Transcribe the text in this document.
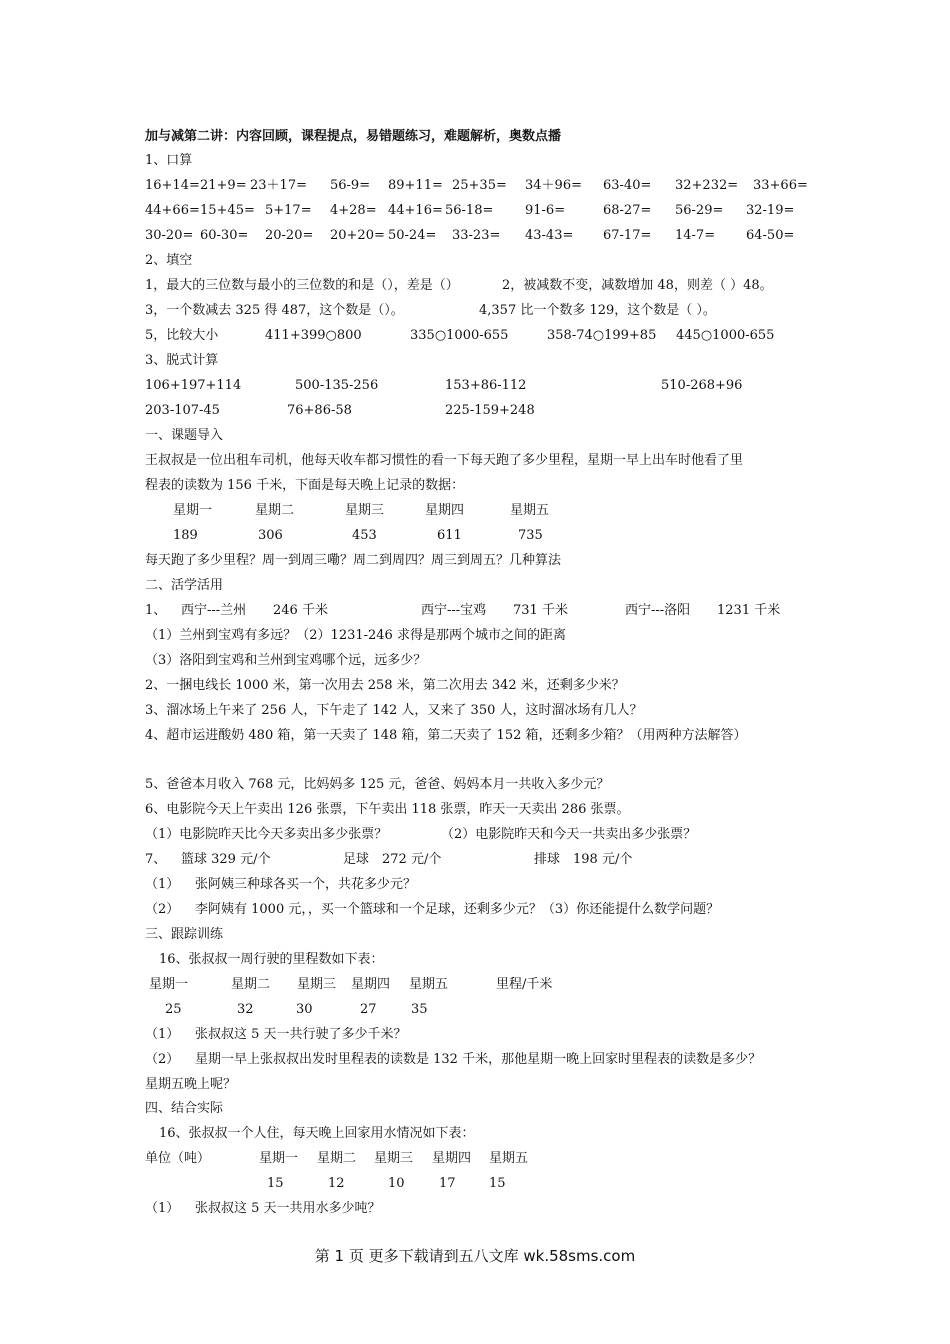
加与减第二讲：内容回顾，课程提点，易错题练习，难题解析，奥数点播
1、口算
16+14= 21+9= 23＋17= 56-9= 89+11= 25+35= 34＋96= 63-40= 32+232= 33+66=
44+66= 15+45= 5+17= 4+28= 44+16= 56-18= 91-6=	68-27= 56-29= 32-19=
30-20= 60-30= 20-20= 20+20= 50-24= 33-23= 43-43= 67-17= 14-7= 64-50=
2、填空
1，最大的三位数与最小的三位数的和是（），差是（）	2，被减数不变，减数增加 48，则差（ ）48。
3，一个数减去 325 得 487，这个数是（）。	4,357 比一个数多 129，这个数是（ ）。
5，比较大小	411+399○800	335○1000-655	358-74○199+85 445○1000-655
3、脱式计算
106+197+114	500-135-256	153+86-112	510-268+96
203-107-45	76+86-58	225-159+248
一、课题导入
王叔叔是一位出租车司机，他每天收车都习惯性的看一下每天跑了多少里程，星期一早上出车时他看了里
程表的读数为 156 千米，下面是每天晚上记录的数据：
星期一	星期二	星期三	星期四	星期五
189	306	453	611	735
每天跑了多少里程？周一到周三嘞？周二到周四？周三到周五？几种算法
二、活学活用
1、 西宁---兰州 246 千米	西宁---宝鸡 731 千米	西宁---洛阳 1231 千米
（1）兰州到宝鸡有多远？（2）1231-246 求得是那两个城市之间的距离
（3）洛阳到宝鸡和兰州到宝鸡哪个远，远多少？
2、一捆电线长 1000 米，第一次用去 258 米，第二次用去 342 米，还剩多少米？
3、溜冰场上午来了 256 人，下午走了 142 人，又来了 350 人，这时溜冰场有几人？
4、超市运进酸奶 480 箱，第一天卖了 148 箱，第二天卖了 152 箱，还剩多少箱？（用两种方法解答）
5、爸爸本月收入 768 元，比妈妈多 125 元，爸爸、妈妈本月一共收入多少元？
6、电影院今天上午卖出 126 张票，下午卖出 118 张票，昨天一天卖出 286 张票。
（1）电影院昨天比今天多卖出多少张票？	（2）电影院昨天和今天一共卖出多少张票？
7、 篮球 329 元/个	足球　272 元/个	排球　198 元/个
（1） 张阿姨三种球各买一个，共花多少元？
（2） 李阿姨有 1000 元，，买一个篮球和一个足球，还剩多少元？（3）你还能提什么数学问题？
三、跟踪训练
16、张叔叔一周行驶的里程数如下表：
星期一	星期二 星期三 星期四 星期五	里程/千米
25	32	30	27	35
（1） 张叔叔这 5 天一共行驶了多少千米？
（2） 星期一早上张叔叔出发时里程表的读数是 132 千米，那他星期一晚上回家时里程表的读数是多少？
星期五晚上呢？
四、结合实际
16、张叔叔一个人住，每天晚上回家用水情况如下表：
单位（吨）	星期一 星期二 星期三 星期四 星期五
15	12	10	17	15
（1） 张叔叔这 5 天一共用水多少吨？
第 1 页 更多下载请到五八文库 wk.58sms.com
